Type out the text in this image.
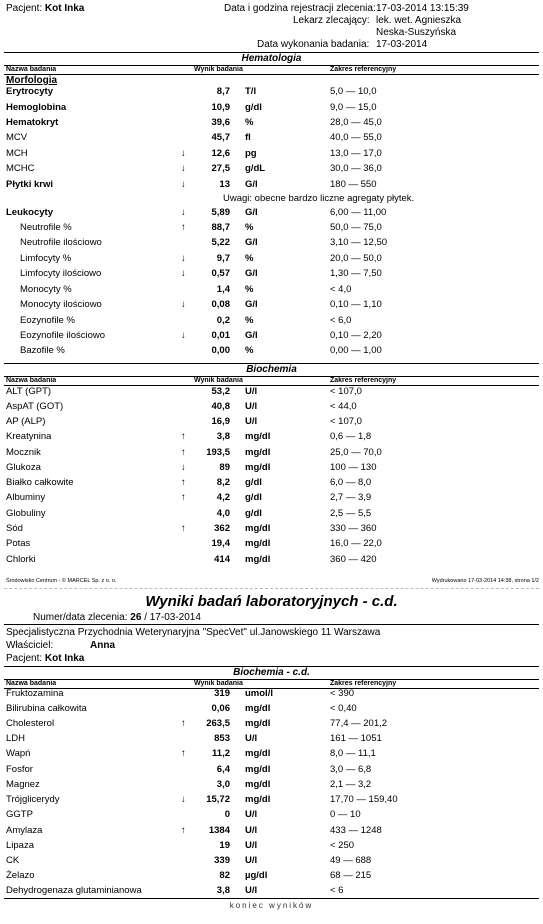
Pacjent: Kot Inka	Data i godzina rejestracji zlecenia: 17-03-2014 13:15:39
Lekarz zlecający: lek. wet. Agnieszka
Neska-Suszyńska
Data wykonania badania: 17-03-2014
Hematologia
Nazwa badania	Wynik badania	Zakres referencyjny
Morfologia
Erytrocyty	8,7 T/l	5,0 — 10,0
Hemoglobina	10,9 g/dl	9,0 — 15,0
Hematokryt	39,6 %	28,0 — 45,0
MCV	45,7 fl	40,0 — 55,0
MCH	↓	12,6 pg	13,0 — 17,0
MCHC	↓	27,5 g/dL	30,0 — 36,0
Płytki krwi	↓	13 G/l	180 — 550
Leukocyty	↓	5,89 G/l	6,00 — 11,00
Neutrofile %	↑	88,7 %	50,0 — 75,0
Neutrofile ilościowo	5,22 G/l	3,10 — 12,50
Limfocyty %	↓	9,7 %	20,0 — 50,0
Limfocyty ilościowo	↓	0,57 G/l	1,30 — 7,50
Monocyty %	1,4 %	< 4,0
Monocyty ilościowo	↓	0,08 G/l	0,10 — 1,10
Eozynofile %	0,2 %	< 6,0
Eozynofile ilościowo	↓	0,01 G/l	0,10 — 2,20
Bazofile %	0,00 %	0,00 — 1,00
Uwagi: obecne bardzo liczne agregaty płytek.
Biochemia
Nazwa badania	Wynik badania	Zakres referencyjny
ALT (GPT)	53,2 U/l	< 107,0
AspAT (GOT)	40,8 U/l	< 44,0
AP (ALP)	16,9 U/l	< 107,0
Kreatynina	↑	3,8 mg/dl	0,6 — 1,8
Mocznik	↑ 193,5 mg/dl	25,0 — 70,0
Glukoza	↓	89 mg/dl	100 — 130
Białko całkowite	↑	8,2 g/dl	6,0 — 8,0
Albuminy	↑	4,2 g/dl	2,7 — 3,9
Globuliny	4,0 g/dl	2,5 — 5,5
Sód	↑	362 mg/dl	330 — 360
Potas	19,4 mg/dl	16,0 — 22,0
Chlorki	414 mg/dl	360 — 420
Środowisko Centrum - © MARCEL Sp. z o. o.	Wydrukowano 17-03-2014 14:38, strona 1/2
Wyniki badań laboratoryjnych - c.d.
Numer/data zlecenia: 26 / 17-03-2014
Specjalistyczna Przychodnia Weterynaryjna "SpecVet" ul.Janowskiego 11 Warszawa
Właściciel:	Anna
Pacjent: Kot Inka
Biochemia - c.d.
Nazwa badania	Wynik badania	Zakres referencyjny
Fruktozamina	319 umol/l	< 390
Bilirubina całkowita	0,06 mg/dl	< 0,40
Cholesterol	↑ 263,5 mg/dl	77,4 — 201,2
LDH	853 U/l	161 — 1051
Wapń	↑	11,2 mg/dl	8,0 — 11,1
Fosfor	6,4 mg/dl	3,0 — 6,8
Magnez	3,0 mg/dl	2,1 — 3,2
Trójglicerydy	↓ 15,72 mg/dl	17,70 — 159,40
GGTP	0 U/l	0 — 10
Amylaza	↑ 1384 U/l	433 — 1248
Lipaza	19 U/l	< 250
CK	339 U/l	49 — 688
Żelazo	82 µg/dl	68 — 215
Dehydrogenaza glutaminianowa	3,8 U/l	< 6
koniec wyników
